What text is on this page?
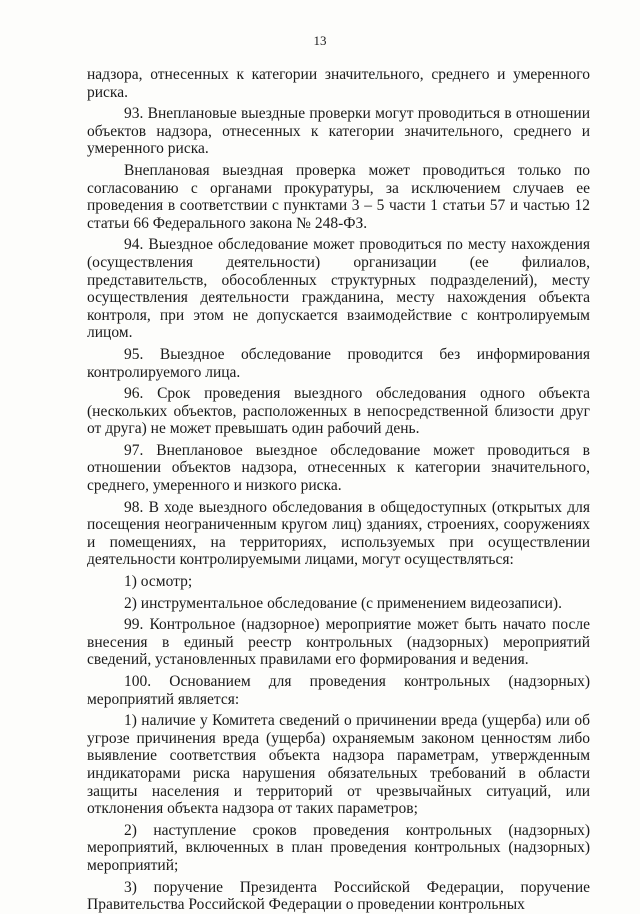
13

надзора, отнесенных к категории значительного, среднего и умеренного риска.

93. Внеплановые выездные проверки могут проводиться в отношении объектов надзора, отнесенных к категории значительного, среднего и умеренного риска.

Внеплановая выездная проверка может проводиться только по согласованию с органами прокуратуры, за исключением случаев ее проведения в соответствии с пунктами 3 – 5 части 1 статьи 57 и частью 12 статьи 66 Федерального закона № 248-ФЗ.

94. Выездное обследование может проводиться по месту нахождения (осуществления деятельности) организации (ее филиалов, представительств, обособленных структурных подразделений), месту осуществления деятельности гражданина, месту нахождения объекта контроля, при этом не допускается взаимодействие с контролируемым лицом.

95. Выездное обследование проводится без информирования контролируемого лица.

96. Срок проведения выездного обследования одного объекта (нескольких объектов, расположенных в непосредственной близости друг от друга) не может превышать один рабочий день.

97. Внеплановое выездное обследование может проводиться в отношении объектов надзора, отнесенных к категории значительного, среднего, умеренного и низкого риска.

98. В ходе выездного обследования в общедоступных (открытых для посещения неограниченным кругом лиц) зданиях, строениях, сооружениях и помещениях, на территориях, используемых при осуществлении деятельности контролируемыми лицами, могут осуществляться:

1) осмотр;

2) инструментальное обследование (с применением видеозаписи).

99. Контрольное (надзорное) мероприятие может быть начато после внесения в единый реестр контрольных (надзорных) мероприятий сведений, установленных правилами его формирования и ведения.

100. Основанием для проведения контрольных (надзорных) мероприятий является:

1) наличие у Комитета сведений о причинении вреда (ущерба) или об угрозе причинения вреда (ущерба) охраняемым законом ценностям либо выявление соответствия объекта надзора параметрам, утвержденным индикаторами риска нарушения обязательных требований в области защиты населения и территорий от чрезвычайных ситуаций, или отклонения объекта надзора от таких параметров;

2) наступление сроков проведения контрольных (надзорных) мероприятий, включенных в план проведения контрольных (надзорных) мероприятий;

3) поручение Президента Российской Федерации, поручение Правительства Российской Федерации о проведении контрольных
